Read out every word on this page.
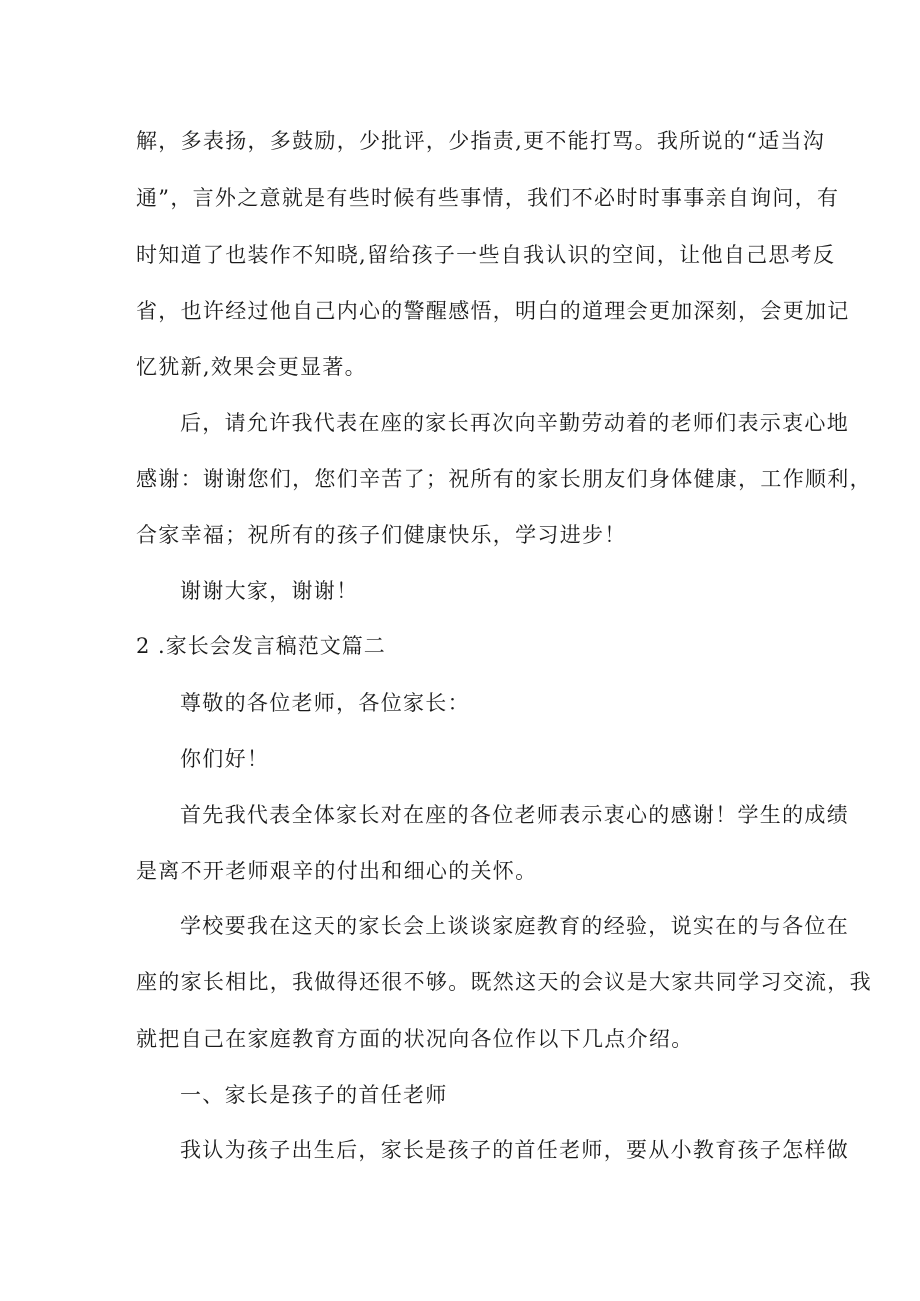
解，多表扬，多鼓励，少批评，少指责,更不能打骂。我所说的“适当沟
通”，言外之意就是有些时候有些事情，我们不必时时事事亲自询问，有
时知道了也装作不知晓,留给孩子一些自我认识的空间，让他自己思考反
省，也许经过他自己内心的警醒感悟，明白的道理会更加深刻，会更加记
忆犹新,效果会更显著。
后，请允许我代表在座的家长再次向辛勤劳动着的老师们表示衷心地
感谢：谢谢您们，您们辛苦了；祝所有的家长朋友们身体健康，工作顺利，
合家幸福；祝所有的孩子们健康快乐，学习进步！
谢谢大家，谢谢！
2 .家长会发言稿范文篇二
尊敬的各位老师，各位家长：
你们好！
首先我代表全体家长对在座的各位老师表示衷心的感谢！学生的成绩
是离不开老师艰辛的付出和细心的关怀。
学校要我在这天的家长会上谈谈家庭教育的经验，说实在的与各位在
座的家长相比，我做得还很不够。既然这天的会议是大家共同学习交流，我
就把自己在家庭教育方面的状况向各位作以下几点介绍。
一、家长是孩子的首任老师
我认为孩子出生后，家长是孩子的首任老师，要从小教育孩子怎样做
